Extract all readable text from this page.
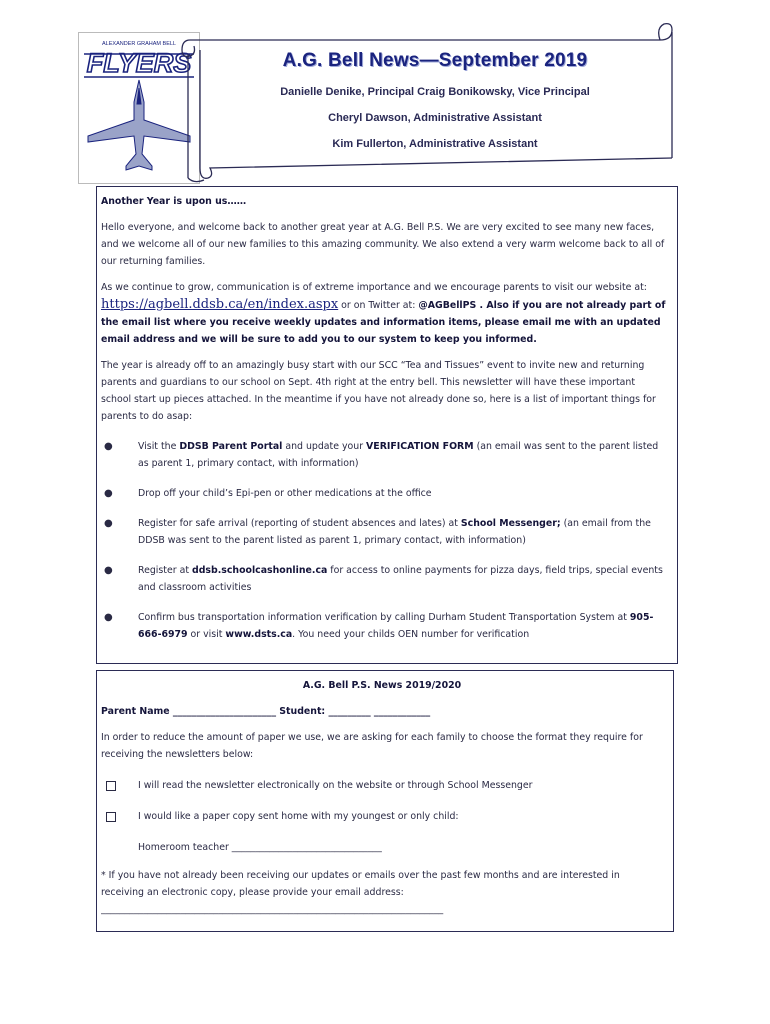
ALEXANDER GRAHAM BELL
FLYERS	A.G. Bell News—September 2019
Danielle Denike, Principal Craig Bonikowsky, Vice Principal
Cheryl Dawson, Administrative Assistant
Kim Fullerton, Administrative Assistant

Another Year is upon us……

Hello everyone, and welcome back to another great year at A.G. Bell P.S. We are very excited to see many new faces, and we welcome all of our new families to this amazing community. We also extend a very warm welcome back to all of our returning families.

As we continue to grow, communication is of extreme importance and we encourage parents to visit our website at:
https://agbell.ddsb.ca/en/index.aspx or on Twitter at: @AGBellPS . Also if you are not already part of the email list where you receive weekly updates and information items, please email me with an updated email address and we will be sure to add you to our system to keep you informed.

The year is already off to an amazingly busy start with our SCC “Tea and Tissues” event to invite new and returning parents and guardians to our school on Sept. 4th right at the entry bell. This newsletter will have these important school start up pieces attached. In the meantime if you have not already done so, here is a list of important things for parents to do asap:

●	Visit the DDSB Parent Portal and update your VERIFICATION FORM (an email was sent to the parent listed as parent 1, primary contact, with information)
●	Drop off your child’s Epi-pen or other medications at the office
●	Register for safe arrival (reporting of student absences and lates) at School Messenger; (an email from the DDSB was sent to the parent listed as parent 1, primary contact, with information)
●	Register at ddsb.schoolcashonline.ca for access to online payments for pizza days, field trips, special events and classroom activities
●	Confirm bus transportation information verification by calling Durham Student Transportation System at 905-666-6979 or visit www.dsts.ca. You need your childs OEN number for verification

A.G. Bell P.S. News 2019/2020

Parent Name ______________________ Student: _________ ____________

In order to reduce the amount of paper we use, we are asking for each family to choose the format they require for receiving the newsletters below:

I will read the newsletter electronically on the website or through School Messenger
I would like a paper copy sent home with my youngest or only child:

Homeroom teacher ________________________________

* If you have not already been receiving our updates or emails over the past few months and are interested in receiving an electronic copy, please provide your email address:

_________________________________________________________________________
